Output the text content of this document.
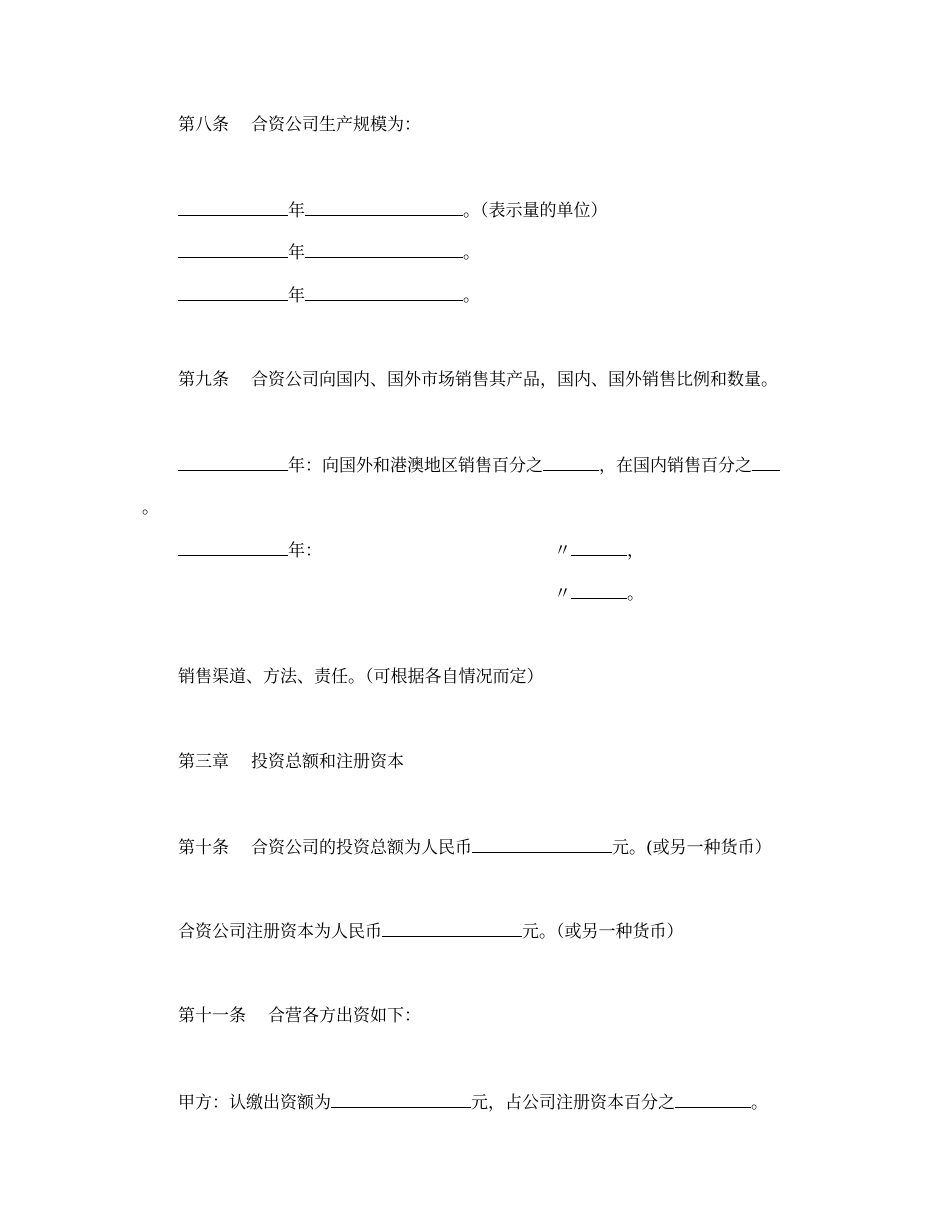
第八条 合资公司生产规模为：
年	。（表示量的单位）
年	。
年	。
第九条 合资公司向国内、国外市场销售其产品，国内、国外销售比例和数量。
年：向国外和港澳地区销售百分之	，在国内销售百分之
。
年：	〃	，
〃	。
销售渠道、方法、责任。（可根据各自情况而定）
第三章 投资总额和注册资本
第十条 合资公司的投资总额为人民币	元。(或另一种货币）
合资公司注册资本为人民币	元。（或另一种货币）
第十一条 合营各方出资如下：
甲方：认缴出资额为	元，占公司注册资本百分之	。
